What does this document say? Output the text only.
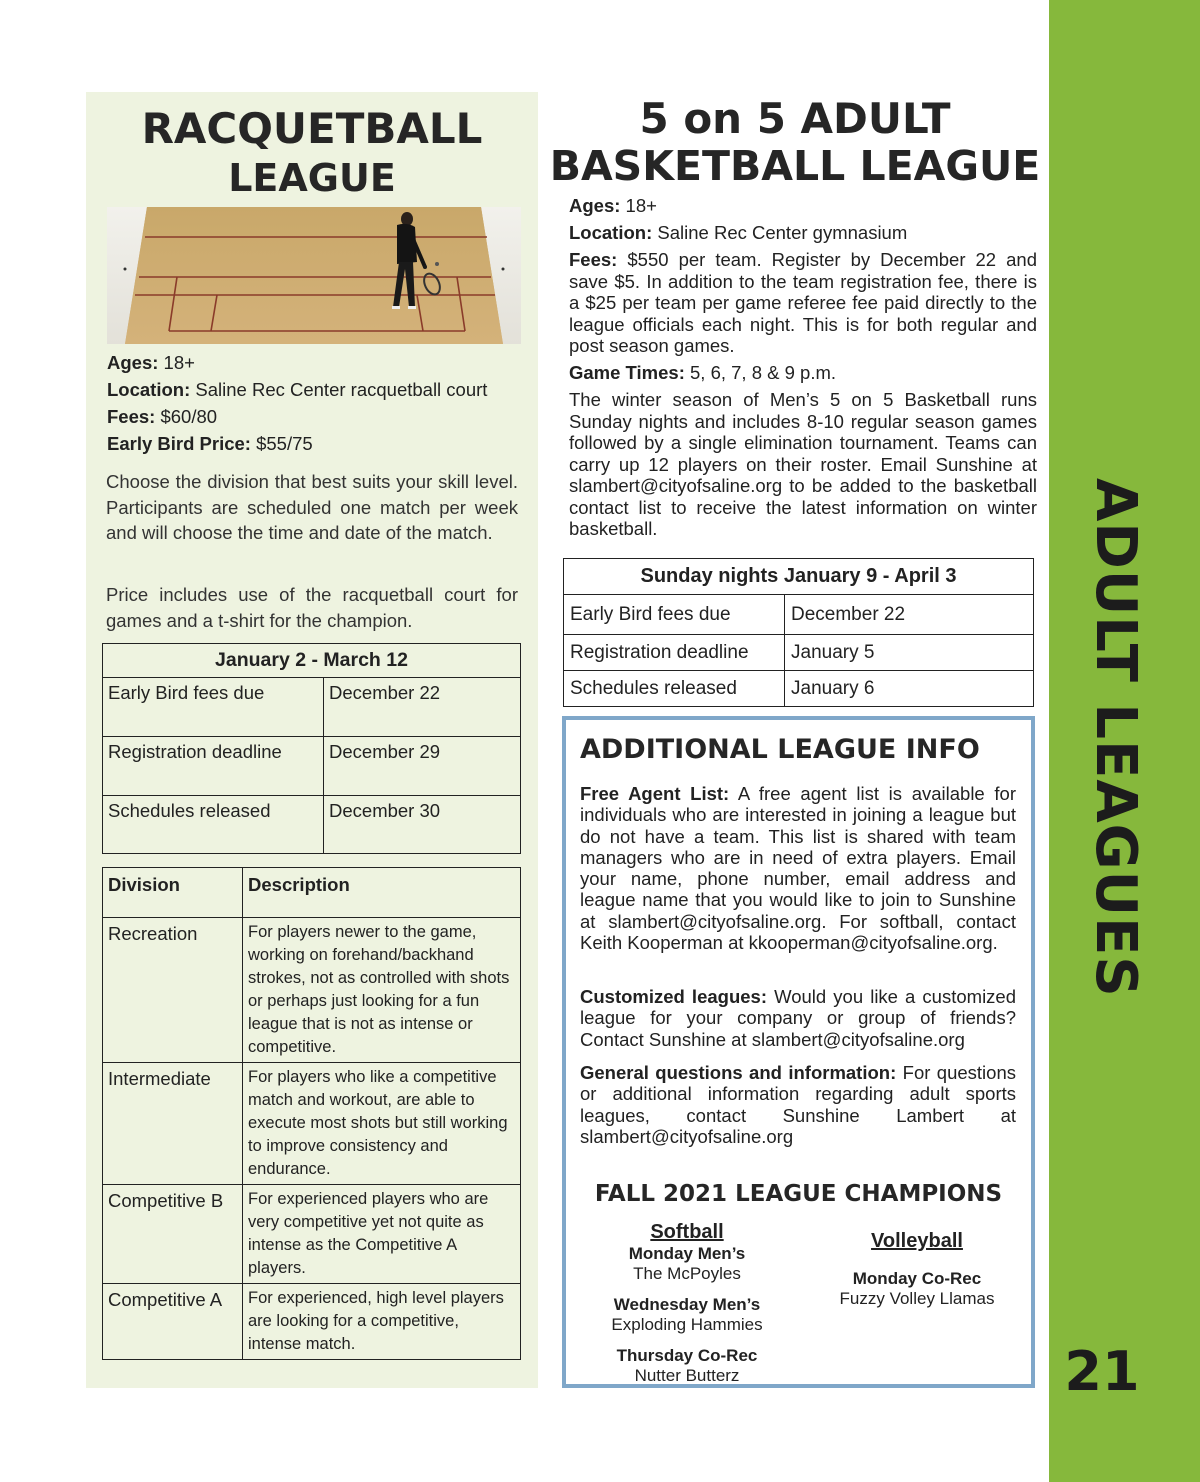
ADULT LEAGUES
21
RACQUETBALL
LEAGUE
Ages: 18+
Location: Saline Rec Center racquetball court
Fees: $60/80
Early Bird Price: $55/75
Choose the division that best suits your skill level. Participants are scheduled one match per week and will choose the time and date of the match.
Price includes use of the racquetball court for games and a t-shirt for the champion.
January 2 - March 12	
Early Bird fees due	December 22
Registration deadline	December 29
Schedules released	December 30
Division	Description
Recreation	For players newer to the game, working on forehand/backhand strokes, not as controlled with shots or perhaps just looking for a fun league that is not as intense or competitive.
Intermediate	For players who like a competitive match and workout, are able to execute most shots but still working to improve consistency and endurance.
Competitive B	For experienced players who are very competitive yet not quite as intense as the Competitive A players.
Competitive A	For experienced, high level players are looking for a competitive, intense match.
5 on 5 ADULT
BASKETBALL LEAGUE
Ages: 18+
Location: Saline Rec Center gymnasium
Fees: $550 per team. Register by December 22 and save $5. In addition to the team registration fee, there is a $25 per team per game referee fee paid directly to the league officials each night. This is for both regular and post season games.
Game Times: 5, 6, 7, 8 & 9 p.m.
The winter season of Men’s 5 on 5 Basketball runs Sunday nights and includes 8-10 regular season games followed by a single elimination tournament. Teams can carry up 12 players on their roster. Email Sunshine at slambert@cityofsaline.org to be added to the basketball contact list to receive the latest information on winter basketball.
Sunday nights January 9 - April 3	
Early Bird fees due	December 22
Registration deadline	January 5
Schedules released	January 6
ADDITIONAL LEAGUE INFO
Free Agent List: A free agent list is available for individuals who are interested in joining a league but do not have a team. This list is shared with team managers who are in need of extra players. Email your name, phone number, email address and league name that you would like to join to Sunshine at slambert@cityofsaline.org. For softball, contact Keith Kooperman at kkooperman@cityofsaline.org.
Customized leagues: Would you like a customized league for your company or group of friends? Contact Sunshine at slambert@cityofsaline.org
General questions and information: For questions or additional information regarding adult sports leagues, contact Sunshine Lambert at slambert@cityofsaline.org
FALL 2021 LEAGUE CHAMPIONS
Softball
Monday Men’s
The McPoyles
Wednesday Men’s
Exploding Hammies
Thursday Co-Rec
Nutter Butterz
Volleyball
Monday Co-Rec
Fuzzy Volley Llamas
